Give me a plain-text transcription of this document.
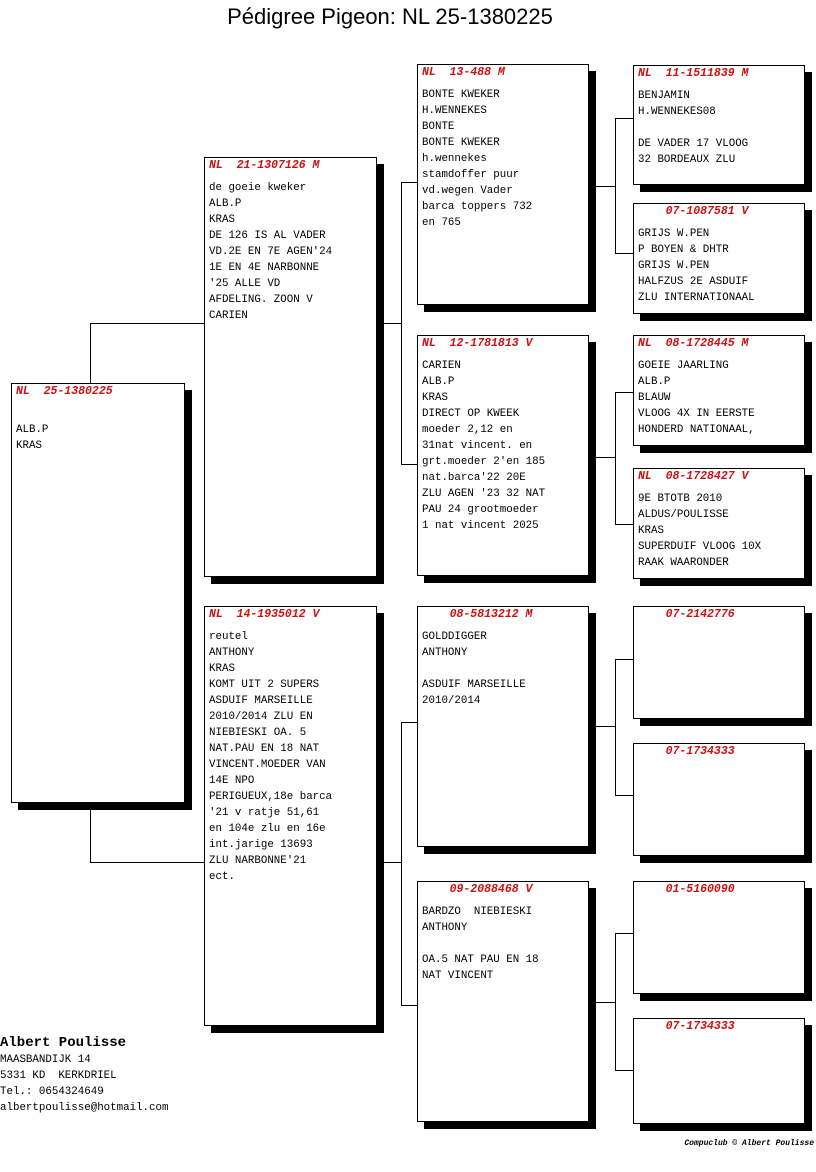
Pédigree Pigeon: NL 25-1380225
NL  25-1380225
ALB.P
KRAS
NL  21-1307126 M
de goeie kweker
ALB.P
KRAS
DE 126 IS AL VADER
VD.2E EN 7E AGEN'24
1E EN 4E NARBONNE
'25 ALLE VD
AFDELING. ZOON V
CARIEN
NL  14-1935012 V
reutel
ANTHONY
KRAS
KOMT UIT 2 SUPERS
ASDUIF MARSEILLE
2010/2014 ZLU EN
NIEBIESKI OA. 5
NAT.PAU EN 18 NAT
VINCENT.MOEDER VAN
14E NPO
PERIGUEUX,18e barca
'21 v ratje 51,61
en 104e zlu en 16e
int.jarige 13693
ZLU NARBONNE'21
ect.
NL  13-488 M
BONTE KWEKER
H.WENNEKES
BONTE
BONTE KWEKER
h.wennekes
stamdoffer puur
vd.wegen Vader
barca toppers 732
en 765
NL  12-1781813 V
CARIEN
ALB.P
KRAS
DIRECT OP KWEEK
moeder 2,12 en
31nat vincent. en
grt.moeder 2'en 185
nat.barca'22 20E
ZLU AGEN '23 32 NAT
PAU 24 grootmoeder
1 nat vincent 2025
08-5813212 M
GOLDDIGGER
ANTHONY
ASDUIF MARSEILLE
2010/2014
09-2088468 V
BARDZO  NIEBIESKI
ANTHONY
OA.5 NAT PAU EN 18
NAT VINCENT
NL  11-1511839 M
BENJAMIN
H.WENNEKES08
DE VADER 17 VLOOG
32 BORDEAUX ZLU
07-1087581 V
GRIJS W.PEN
P BOYEN & DHTR
GRIJS W.PEN
HALFZUS 2E ASDUIF
ZLU INTERNATIONAAL
NL  08-1728445 M
GOEIE JAARLING
ALB.P
BLAUW
VLOOG 4X IN EERSTE
HONDERD NATIONAAL,
NL  08-1728427 V
9E BTOTB 2010
ALDUS/POULISSE
KRAS
SUPERDUIF VLOOG 10X
RAAK WAARONDER
07-2142776
07-1734333
01-5160090
07-1734333
Albert Poulisse
MAASBANDIJK 14
5331 KD  KERKDRIEL
Tel.: 0654324649
albertpoulisse@hotmail.com
Compuclub © Albert Poulisse
